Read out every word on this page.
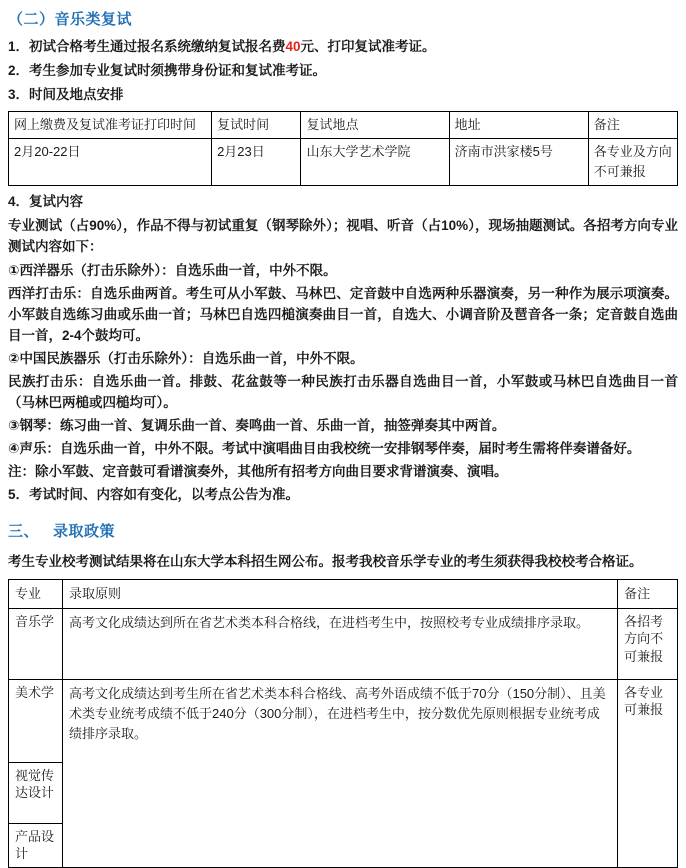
（二）音乐类复试
1．初试合格考生通过报名系统缴纳复试报名费40元、打印复试准考证。
2．考生参加专业复试时须携带身份证和复试准考证。
3．时间及地点安排
网上缴费及复试准考证打印时间	复试时间	复试地点	地址	备注
2月20-22日	2月23日	山东大学艺术学院	济南市洪家楼5号	各专业及方向不可兼报
4．复试内容
专业测试（占90%），作品不得与初试重复（钢琴除外）；视唱、听音（占10%），现场抽题测试。各招考方向专业测试内容如下：
①西洋器乐（打击乐除外）：自选乐曲一首，中外不限。
西洋打击乐：自选乐曲两首。考生可从小军鼓、马林巴、定音鼓中自选两种乐器演奏，另一种作为展示项演奏。小军鼓自选练习曲或乐曲一首；马林巴自选四槌演奏曲目一首，自选大、小调音阶及琶音各一条；定音鼓自选曲目一首，2-4个鼓均可。
②中国民族器乐（打击乐除外）：自选乐曲一首，中外不限。
民族打击乐：自选乐曲一首。排鼓、花盆鼓等一种民族打击乐器自选曲目一首，小军鼓或马林巴自选曲目一首（马林巴两槌或四槌均可）。
③钢琴：练习曲一首、复调乐曲一首、奏鸣曲一首、乐曲一首，抽签弹奏其中两首。
④声乐：自选乐曲一首，中外不限。考试中演唱曲目由我校统一安排钢琴伴奏，届时考生需将伴奏谱备好。
注：除小军鼓、定音鼓可看谱演奏外，其他所有招考方向曲目要求背谱演奏、演唱。
5．考试时间、内容如有变化，以考点公告为准。
三、 录取政策
考生专业校考测试结果将在山东大学本科招生网公布。报考我校音乐学专业的考生须获得我校校考合格证。
专业	录取原则	备注
音乐学	高考文化成绩达到所在省艺术类本科合格线，在进档考生中，按照校考专业成绩排序录取。	各招考方向不可兼报
美术学	高考文化成绩达到考生所在省艺术类本科合格线、高考外语成绩不低于70分（150分制）、且美术类专业统考成绩不低于240分（300分制），在进档考生中，按分数优先原则根据专业统考成绩排序录取。	各专业可兼报
视觉传达设计		
产品设计		
